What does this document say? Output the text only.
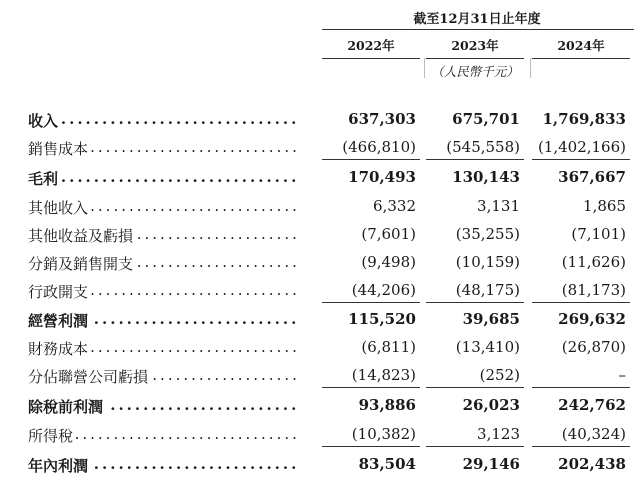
截至12月31日止年度
2022年	2023年	2024年
（人民幣千元）
收入 .....	637,303	675,701	1,769,833
銷售成本 .....	(466,810)	(545,558)	(1,402,166)
毛利 .....	170,493	130,143	367,667
其他收入 .....	6,332	3,131	1,865
其他收益及虧損 .....	(7,601)	(35,255)	(7,101)
分銷及銷售開支 .....	(9,498)	(10,159)	(11,626)
行政開支 .....	(44,206)	(48,175)	(81,173)
經營利潤 .....	115,520	39,685	269,632
財務成本 .....	(6,811)	(13,410)	(26,870)
分佔聯營公司虧損 .....	(14,823)	(252)	–
除稅前利潤 .....	93,886	26,023	242,762
所得稅 .....	(10,382)	3,123	(40,324)
年內利潤 .....	83,504	29,146	202,438
